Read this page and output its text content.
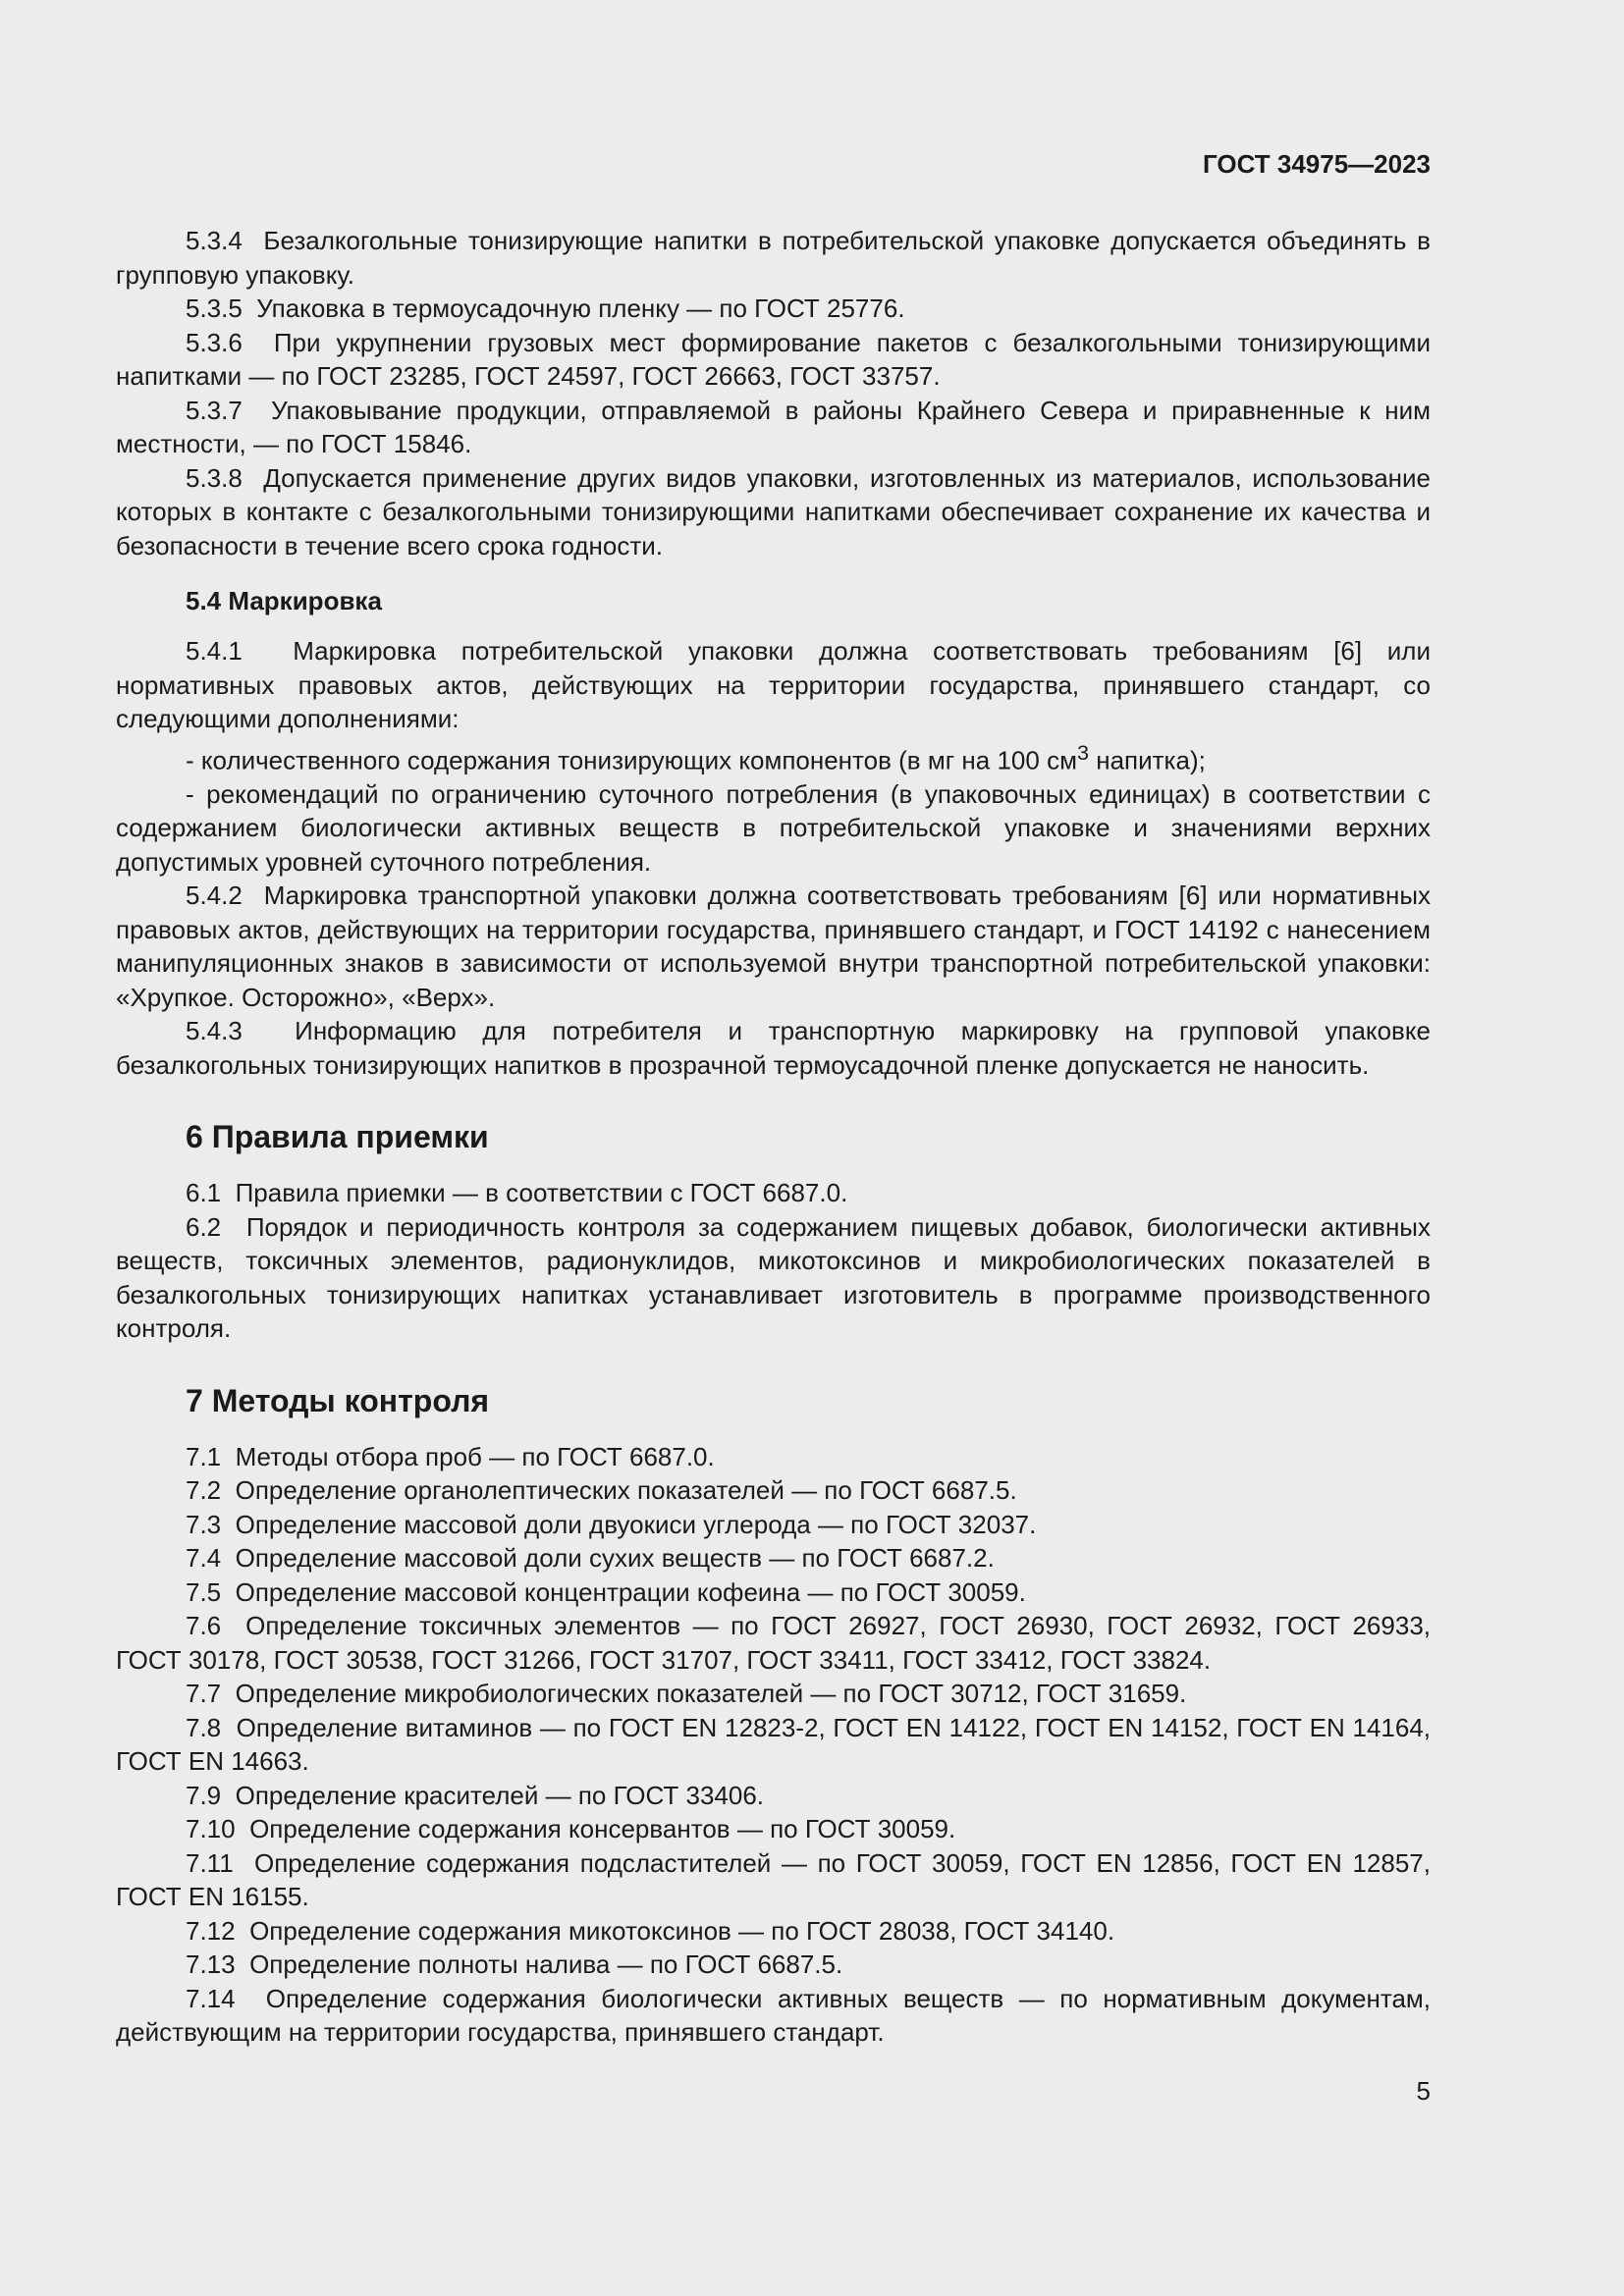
ГОСТ 34975—2023

5.3.4 Безалкогольные тонизирующие напитки в потребительской упаковке допускается объединять в групповую упаковку.

5.3.5 Упаковка в термоусадочную пленку — по ГОСТ 25776.

5.3.6 При укрупнении грузовых мест формирование пакетов с безалкогольными тонизирующими напитками — по ГОСТ 23285, ГОСТ 24597, ГОСТ 26663, ГОСТ 33757.

5.3.7 Упаковывание продукции, отправляемой в районы Крайнего Севера и приравненные к ним местности, — по ГОСТ 15846.

5.3.8 Допускается применение других видов упаковки, изготовленных из материалов, использование которых в контакте с безалкогольными тонизирующими напитками обеспечивает сохранение их качества и безопасности в течение всего срока годности.

5.4 Маркировка

5.4.1 Маркировка потребительской упаковки должна соответствовать требованиям [6] или нормативных правовых актов, действующих на территории государства, принявшего стандарт, со следующими дополнениями:

- количественного содержания тонизирующих компонентов (в мг на 100 $см^3$ напитка);

- рекомендаций по ограничению суточного потребления (в упаковочных единицах) в соответствии с содержанием биологически активных веществ в потребительской упаковке и значениями верхних допустимых уровней суточного потребления.

5.4.2 Маркировка транспортной упаковки должна соответствовать требованиям [6] или нормативных правовых актов, действующих на территории государства, принявшего стандарт, и ГОСТ 14192 с нанесением манипуляционных знаков в зависимости от используемой внутри транспортной потребительской упаковки: «Хрупкое. Осторожно», «Верх».

5.4.3 Информацию для потребителя и транспортную маркировку на групповой упаковке безалкогольных тонизирующих напитков в прозрачной термоусадочной пленке допускается не наносить.

6 Правила приемки

6.1 Правила приемки — в соответствии с ГОСТ 6687.0.

6.2 Порядок и периодичность контроля за содержанием пищевых добавок, биологически активных веществ, токсичных элементов, радионуклидов, микотоксинов и микробиологических показателей в безалкогольных тонизирующих напитках устанавливает изготовитель в программе производственного контроля.

7 Методы контроля

7.1 Методы отбора проб — по ГОСТ 6687.0.

7.2 Определение органолептических показателей — по ГОСТ 6687.5.

7.3 Определение массовой доли двуокиси углерода — по ГОСТ 32037.

7.4 Определение массовой доли сухих веществ — по ГОСТ 6687.2.

7.5 Определение массовой концентрации кофеина — по ГОСТ 30059.

7.6 Определение токсичных элементов — по ГОСТ 26927, ГОСТ 26930, ГОСТ 26932, ГОСТ 26933, ГОСТ 30178, ГОСТ 30538, ГОСТ 31266, ГОСТ 31707, ГОСТ 33411, ГОСТ 33412, ГОСТ 33824.

7.7 Определение микробиологических показателей — по ГОСТ 30712, ГОСТ 31659.

7.8 Определение витаминов — по ГОСТ EN 12823-2, ГОСТ EN 14122, ГОСТ EN 14152, ГОСТ EN 14164, ГОСТ EN 14663.

7.9 Определение красителей — по ГОСТ 33406.

7.10 Определение содержания консервантов — по ГОСТ 30059.

7.11 Определение содержания подсластителей — по ГОСТ 30059, ГОСТ EN 12856, ГОСТ EN 12857, ГОСТ EN 16155.

7.12 Определение содержания микотоксинов — по ГОСТ 28038, ГОСТ 34140.

7.13 Определение полноты налива — по ГОСТ 6687.5.

7.14 Определение содержания биологически активных веществ — по нормативным документам, действующим на территории государства, принявшего стандарт.

5
